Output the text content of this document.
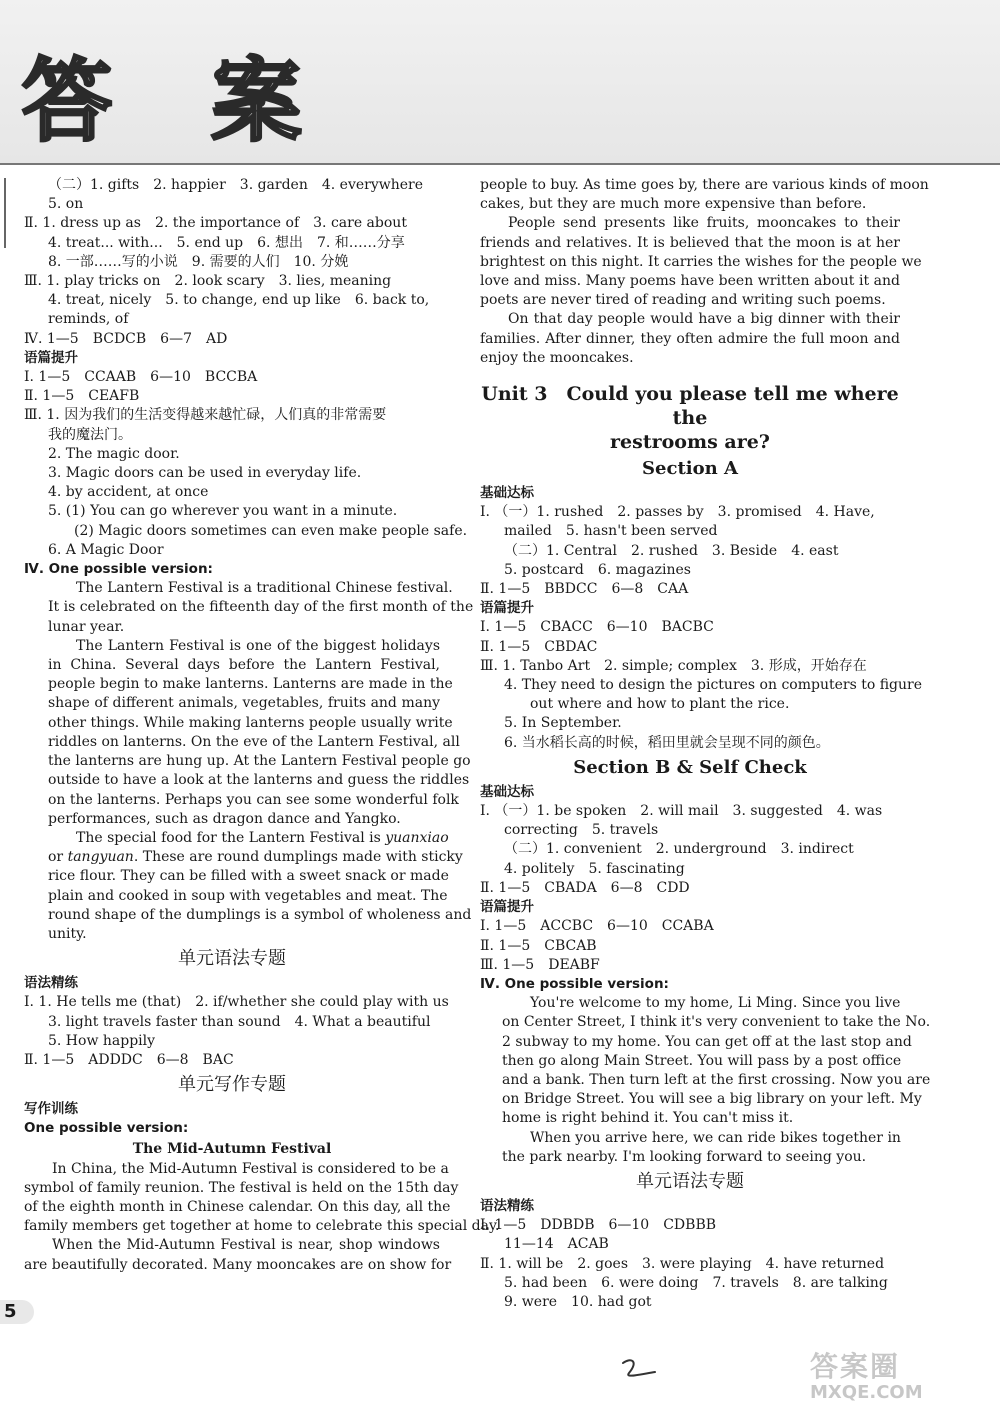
答 案
（二）1. gifts　2. happier　3. garden　4. everywhere
5. on
Ⅱ. 1. dress up as　2. the importance of　3. care about
4. treat... with...　5. end up　6. 想出　7. 和……分享
8. 一部……写的小说　9. 需要的人们　10. 分娩
Ⅲ. 1. play tricks on　2. look scary　3. lies, meaning
4. treat, nicely　5. to change, end up like　6. back to,
reminds, of
Ⅳ. 1—5　BCDCB　6—7　AD
语篇提升
Ⅰ. 1—5　CCAAB　6—10　BCCBA
Ⅱ. 1—5　CEAFB
Ⅲ. 1. 因为我们的生活变得越来越忙碌，人们真的非常需要
我的魔法门。
2. The magic door.
3. Magic doors can be used in everyday life.
4. by accident, at once
5. (1) You can go wherever you want in a minute.
(2) Magic doors sometimes can even make people safe.
6. A Magic Door
Ⅳ. One possible version:
The Lantern Festival is a traditional Chinese festival.
It is celebrated on the fifteenth day of the first month of the
lunar year.
The Lantern Festival is one of the biggest holidays
in China. Several days before the Lantern Festival,
people begin to make lanterns. Lanterns are made in the
shape of different animals, vegetables, fruits and many
other things. While making lanterns people usually write
riddles on lanterns. On the eve of the Lantern Festival, all
the lanterns are hung up. At the Lantern Festival people go
outside to have a look at the lanterns and guess the riddles
on the lanterns. Perhaps you can see some wonderful folk
performances, such as dragon dance and Yangko.
The special food for the Lantern Festival is yuanxiao
or tangyuan. These are round dumplings made with sticky
rice flour. They can be filled with a sweet snack or made
plain and cooked in soup with vegetables and meat. The
round shape of the dumplings is a symbol of wholeness and
unity.
单元语法专题
语法精练
Ⅰ. 1. He tells me (that)　2. if/whether she could play with us
3. light travels faster than sound　4. What a beautiful
5. How happily
Ⅱ. 1—5　ADDDC　6—8　BAC
单元写作专题
写作训练
One possible version:
The Mid-Autumn Festival
In China, the Mid-Autumn Festival is considered to be a
symbol of family reunion. The festival is held on the 15th day
of the eighth month in Chinese calendar. On this day, all the
family members get together at home to celebrate this special day.
When the Mid-Autumn Festival is near, shop windows
are beautifully decorated. Many mooncakes are on show for
people to buy. As time goes by, there are various kinds of moon
cakes, but they are much more expensive than before.
People send presents like fruits, mooncakes to their
friends and relatives. It is believed that the moon is at her
brightest on this night. It carries the wishes for the people we
love and miss. Many poems have been written about it and
poets are never tired of reading and writing such poems.
On that day people would have a big dinner with their
families. After dinner, they often admire the full moon and
enjoy the mooncakes.
Unit 3　Could you please tell me where the
restrooms are?
Section A
基础达标
Ⅰ. （一）1. rushed　2. passes by　3. promised　4. Have,
mailed　5. hasn't been served
（二）1. Central　2. rushed　3. Beside　4. east
5. postcard　6. magazines
Ⅱ. 1—5　BBDCC　6—8　CAA
语篇提升
Ⅰ. 1—5　CBACC　6—10　BACBC
Ⅱ. 1—5　CBDAC
Ⅲ. 1. Tanbo Art　2. simple; complex　3. 形成，开始存在
4. They need to design the pictures on computers to figure
out where and how to plant the rice.
5. In September.
6. 当水稻长高的时候，稻田里就会呈现不同的颜色。
Section B & Self Check
基础达标
Ⅰ. （一）1. be spoken　2. will mail　3. suggested　4. was
correcting　5. travels
（二）1. convenient　2. underground　3. indirect
4. politely　5. fascinating
Ⅱ. 1—5　CBADA　6—8　CDD
语篇提升
Ⅰ. 1—5　ACCBC　6—10　CCABA
Ⅱ. 1—5　CBCAB
Ⅲ. 1—5　DEABF
Ⅳ. One possible version:
You're welcome to my home, Li Ming. Since you live
on Center Street, I think it's very convenient to take the No.
2 subway to my home. You can get off at the last stop and
then go along Main Street. You will pass by a post office
and a bank. Then turn left at the first crossing. Now you are
on Bridge Street. You will see a big library on your left. My
home is right behind it. You can't miss it.
When you arrive here, we can ride bikes together in
the park nearby. I'm looking forward to seeing you.
单元语法专题
语法精练
Ⅰ. 1—5　DDBDB　6—10　CDBBB
11—14　ACAB
Ⅱ. 1. will be　2. goes　3. were playing　4. have returned
5. had been　6. were doing　7. travels　8. are talking
9. were　10. had got
5
答案圈
MXQE.COM
